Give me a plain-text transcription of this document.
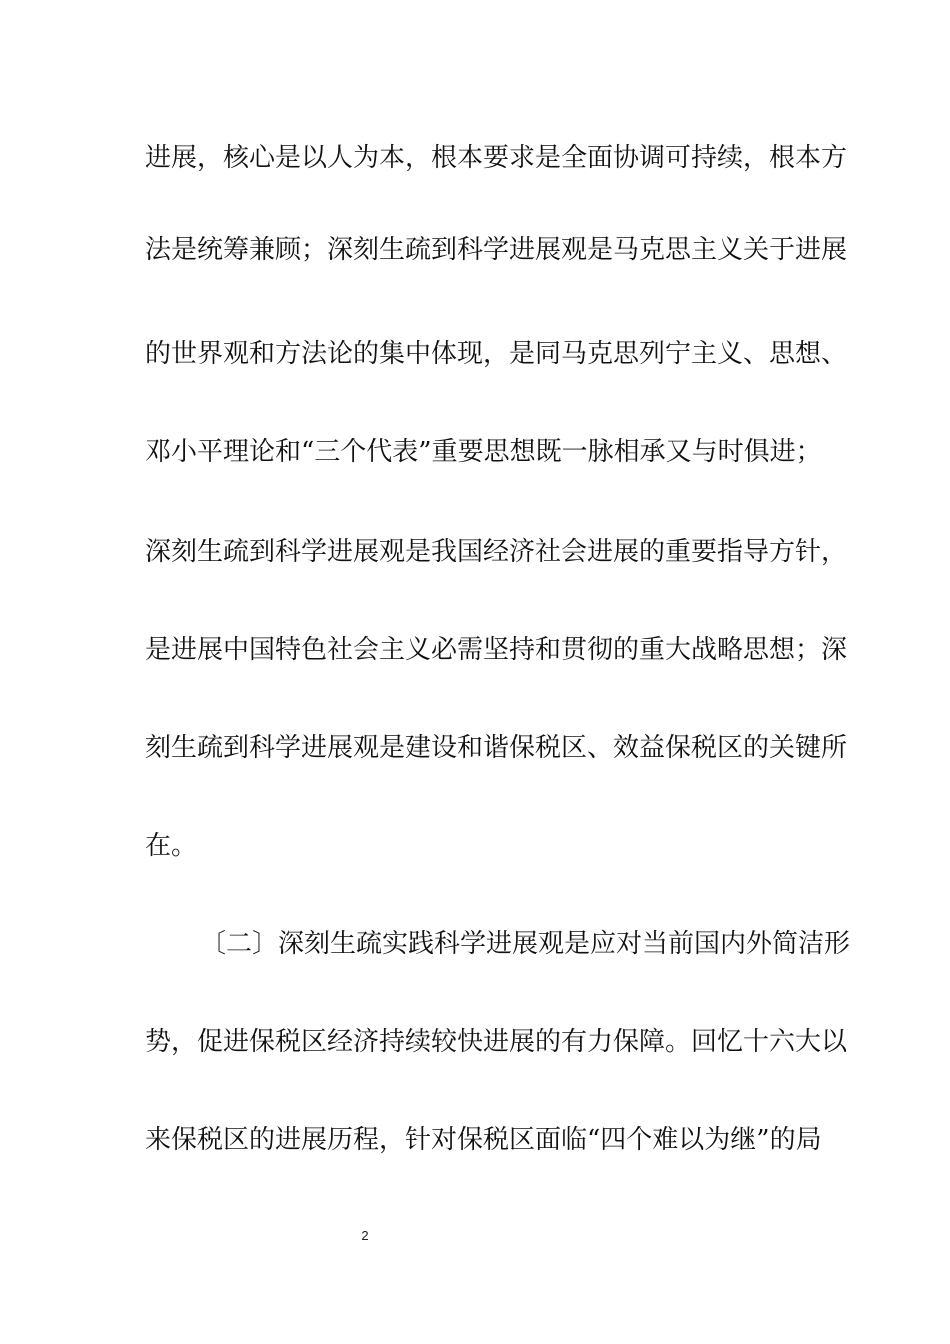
进展，核心是以人为本，根本要求是全面协调可持续，根本方
法是统筹兼顾；深刻生疏到科学进展观是马克思主义关于进展
的世界观和方法论的集中体现，是同马克思列宁主义、思想、
邓小平理论和“三个代表”重要思想既一脉相承又与时俱进；
深刻生疏到科学进展观是我国经济社会进展的重要指导方针，
是进展中国特色社会主义必需坚持和贯彻的重大战略思想；深
刻生疏到科学进展观是建设和谐保税区、效益保税区的关键所
在。
〔二〕深刻生疏实践科学进展观是应对当前国内外简洁形
势，促进保税区经济持续较快进展的有力保障。回忆十六大以
来保税区的进展历程，针对保税区面临“四个难以为继”的局
2
